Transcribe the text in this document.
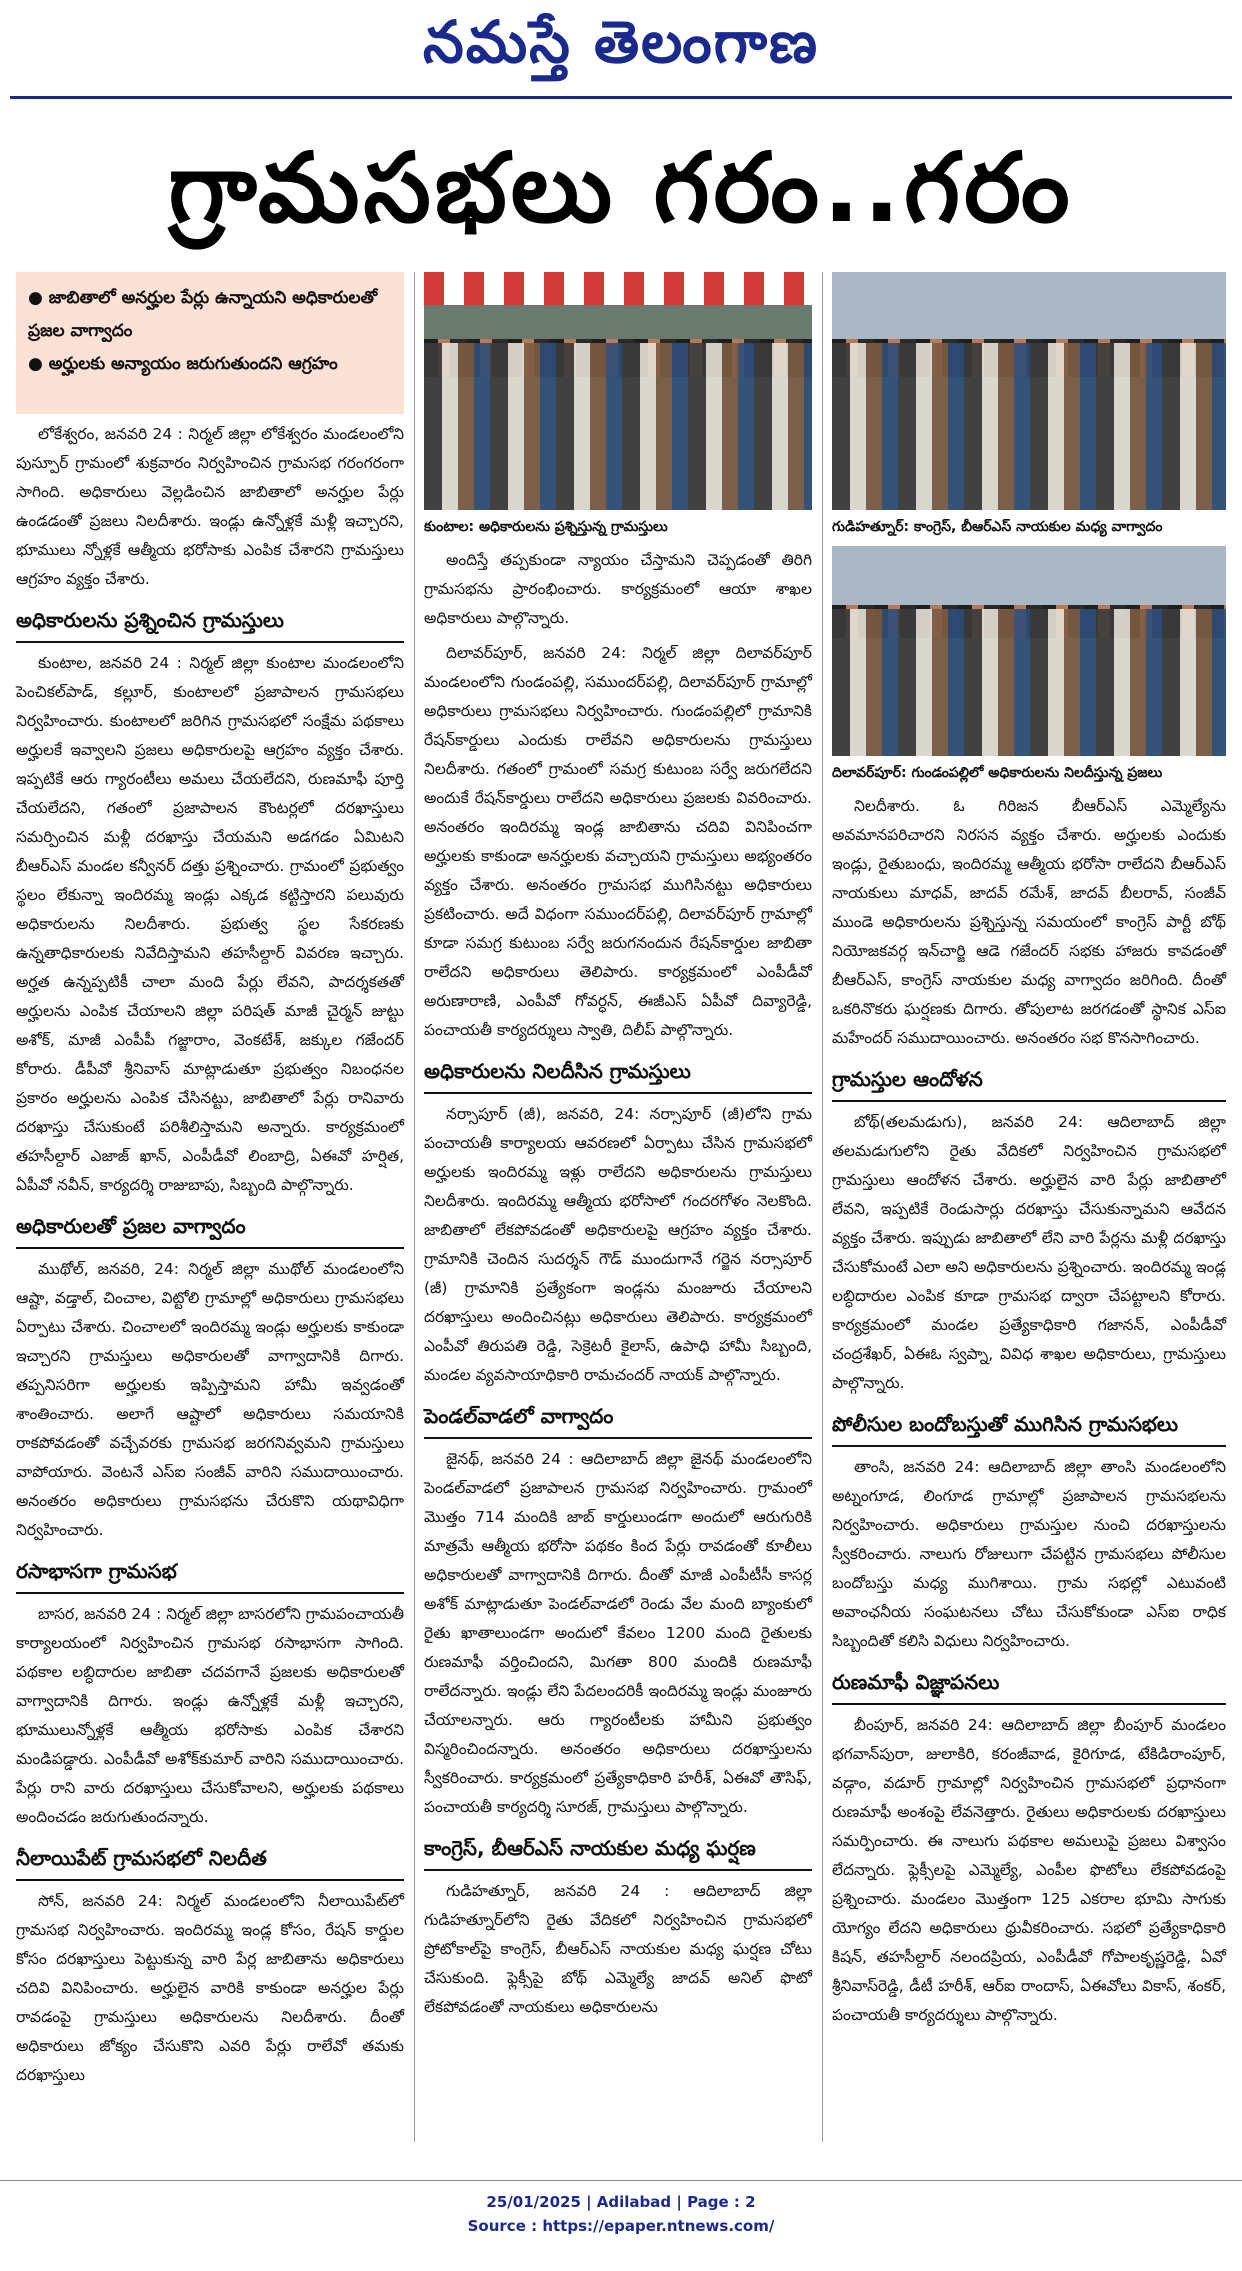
నమస్తే తెలంగాణ
గ్రామసభలు గరం..గరం
● జాబితాలో అనర్హుల పేర్లు ఉన్నాయని అధికారులతో ప్రజల వాగ్వాదం
● అర్హులకు అన్యాయం జరుగుతుందని ఆగ్రహం

లోకేశ్వరం, జనవరి 24 : నిర్మల్ జిల్లా లోకేశ్వరం మండలంలోని పుస్పూర్ గ్రామంలో శుక్రవారం నిర్వహించిన గ్రామసభ గరంగరంగా సాగింది. అధికారులు వెల్లడించిన జాబితాలో అనర్హుల పేర్లు ఉండడంతో ప్రజలు నిలదీశారు. ఇండ్లు ఉన్నోళ్లకే మళ్లీ ఇచ్చారని, భూములు న్నోళ్లకే ఆత్మీయ భరోసాకు ఎంపిక చేశారని గ్రామస్తులు ఆగ్రహం వ్యక్తం చేశారు.

అధికారులను ప్రశ్నించిన గ్రామస్తులు

కుంటాల, జనవరి 24 : నిర్మల్ జిల్లా కుంటాల మండలంలోని పెంచికల్‌పాడ్, కల్లూర్, కుంటాలలో ప్రజాపాలన గ్రామసభలు నిర్వహించారు. కుంటాలలో జరిగిన గ్రామసభలో సంక్షేమ పథకాలు అర్హులకే ఇవ్వాలని ప్రజలు అధికారులపై ఆగ్రహం వ్యక్తం చేశారు. ఇప్పటికే ఆరు గ్యారంటీలు అమలు చేయలేదని, రుణమాఫీ పూర్తి చేయలేదని, గతంలో ప్రజాపాలన కౌంటర్లలో దరఖాస్తులు సమర్పించిన మళ్లీ దరఖాస్తు చేయమని అడగడం ఏమిటని బీఆర్‌ఎస్ మండల కన్వీనర్ దత్తు ప్రశ్నించారు. గ్రామంలో ప్రభుత్వం స్థలం లేకున్నా ఇందిరమ్మ ఇండ్లు ఎక్కడ కట్టిస్తారని పలువురు అధికారులను నిలదీశారు. ప్రభుత్వ స్థల సేకరణకు ఉన్నతాధికారులకు నివేదిస్తామని తహసీల్దార్ వివరణ ఇచ్చారు. అర్హత ఉన్నప్పటికీ చాలా మంది పేర్లు లేవని, పాదర్శకతతో అర్హులను ఎంపిక చేయాలని జిల్లా పరిషత్ మాజీ చైర్మన్ జుట్టు అశోక్, మాజీ ఎంపీపీ గజ్జారాం, వెంకటేశ్, జక్కుల గజేందర్ కోరారు. డీపీవో శ్రీనివాస్ మాట్లాడుతూ ప్రభుత్వం నిబంధనల ప్రకారం అర్హులను ఎంపిక చేసినట్టు, జాబితాలో పేర్లు రానివారు దరఖాస్తు చేసుకుంటే పరిశీలిస్తామని అన్నారు. కార్యక్రమంలో తహసీల్దార్ ఎజాజ్ ఖాన్, ఎంపీడీవో లింబాద్రి, ఏఈవో హర్షిత, ఏపీవో నవీన్, కార్యదర్శి రాజుబాపు, సిబ్బంది పాల్గొన్నారు.

అధికారులతో ప్రజల వాగ్వాదం

ముథోల్, జనవరి, 24: నిర్మల్ జిల్లా ముథోల్ మండలంలోని ఆష్టా, వడ్తాల్, చించాల, విట్టోలి గ్రామాల్లో అధికారులు గ్రామసభలు ఏర్పాటు చేశారు. చించాలలో ఇందిరమ్మ ఇండ్లు అర్హులకు కాకుండా ఇచ్చారని గ్రామస్తులు అధికారులతో వాగ్వాదానికి దిగారు. తప్పనిసరిగా అర్హులకు ఇప్పిస్తామని హామీ ఇవ్వడంతో శాంతించారు. అలాగే ఆష్టాలో అధికారులు సమయానికి రాకపోవడంతో వచ్చేవరకు గ్రామసభ జరగనివ్వమని గ్రామస్తులు వాపోయారు. వెంటనే ఎస్ఐ సంజీవ్ వారిని సముదాయించారు. అనంతరం అధికారులు గ్రామసభను చేరుకొని యథావిధిగా నిర్వహించారు.

రసాభాసగా గ్రామసభ

బాసర, జనవరి 24 : నిర్మల్ జిల్లా బాసరలోని గ్రామపంచాయతీ కార్యాలయంలో నిర్వహించిన గ్రామసభ రసాభాసగా సాగింది. పథకాల లబ్ధిదారుల జాబితా చదవగానే ప్రజలకు అధికారులతో వాగ్వాదానికి దిగారు. ఇండ్లు ఉన్నోళ్లకే మళ్లీ ఇచ్చారని, భూములున్నోళ్లకే ఆత్మీయ భరోసాకు ఎంపిక చేశారని మండిపడ్డారు. ఎంపీడీవో అశోక్‌కుమార్ వారిని సముదాయించారు. పేర్లు రాని వారు దరఖాస్తులు చేసుకోవాలని, అర్హులకు పథకాలు అందించడం జరుగుతుందన్నారు.

నీలాయిపేట్ గ్రామసభలో నిలదీత

సోన్, జనవరి 24: నిర్మల్ మండలంలోని నీలాయిపేట్‌లో గ్రామసభ నిర్వహించారు. ఇందిరమ్మ ఇండ్ల కోసం, రేషన్ కార్డుల కోసం దరఖాస్తులు పెట్టుకున్న వారి పేర్ల జాబితాను అధికారులు చదివి వినిపించారు. అర్హులైన వారికి కాకుండా అనర్హుల పేర్లు రావడంపై గ్రామస్తులు అధికారులను నిలదీశారు. దీంతో అధికారులు జోక్యం చేసుకొని ఎవరి పేర్లు రాలేవో తమకు దరఖాస్తులు

కుంటాల: అధికారులను ప్రశ్నిస్తున్న గ్రామస్తులు

అందిస్తే తప్పకుండా న్యాయం చేస్తామని చెప్పడంతో తిరిగి గ్రామసభను ప్రారంభించారు. కార్యక్రమంలో ఆయా శాఖల అధికారులు పాల్గొన్నారు.

దిలావర్‌పూర్, జనవరి 24: నిర్మల్ జిల్లా దిలావర్‌పూర్ మండలంలోని గుండంపల్లి, సముందర్‌పల్లి, దిలావర్‌పూర్ గ్రామాల్లో అధికారులు గ్రామసభలు నిర్వహించారు. గుండంపల్లిలో గ్రామానికి రేషన్‌కార్డులు ఎందుకు రాలేవని అధికారులను గ్రామస్తులు నిలదీశారు. గతంలో గ్రామంలో సమగ్ర కుటుంబ సర్వే జరుగలేదని అందుకే రేషన్‌కార్డులు రాలేదని అధికారులు ప్రజలకు వివరించారు. అనంతరం ఇందిరమ్మ ఇండ్ల జాబితాను చదివి వినిపించగా అర్హులకు కాకుండా అనర్హులకు వచ్చాయని గ్రామస్తులు అభ్యంతరం వ్యక్తం చేశారు. అనంతరం గ్రామసభ ముగిసినట్టు అధికారులు ప్రకటించారు. అదే విధంగా సముందర్‌పల్లి, దిలావర్‌పూర్ గ్రామాల్లో కూడా సమగ్ర కుటుంబ సర్వే జరుగనందున రేషన్‌కార్డుల జాబితా రాలేదని అధికారులు తెలిపారు. కార్యక్రమంలో ఎంపీడీవో అరుణారాణి, ఎంపీవో గోవర్ధన్, ఈజీఎస్ ఏపీవో దివ్యారెడ్డి, పంచాయతీ కార్యదర్శులు స్వాతి, దిలీప్ పాల్గొన్నారు.

అధికారులను నిలదీసిన గ్రామస్తులు

నర్సాపూర్ (జీ), జనవరి, 24: నర్సాపూర్ (జీ)లోని గ్రామ పంచాయతీ కార్యాలయ ఆవరణలో ఏర్పాటు చేసిన గ్రామసభలో అర్హులకు ఇందిరమ్మ ఇళ్లు రాలేదని అధికారులను గ్రామస్తులు నిలదీశారు. ఇందిరమ్మ ఆత్మీయ భరోసాలో గందరగోళం నెలకొంది. జాబితాలో లేకపోవడంతో అధికారులపై ఆగ్రహం వ్యక్తం చేశారు. గ్రామానికి చెందిన సుదర్శన్ గౌడ్ ముందుగానే గర్జెన నర్సాపూర్ (జీ) గ్రామానికి ప్రత్యేకంగా ఇండ్లను మంజూరు చేయాలని దరఖాస్తులు అందించినట్లు అధికారులు తెలిపారు. కార్యక్రమంలో ఎంపీవో తిరుపతి రెడ్డి, సెక్రెటరీ కైలాస్, ఉపాధి హామీ సిబ్బంది, మండల వ్యవసాయాధికారి రామచందర్ నాయక్ పాల్గొన్నారు.

పెండల్‌వాడలో వాగ్వాదం

జైనథ్, జనవరి 24 : ఆదిలాబాద్ జిల్లా జైనథ్ మండలంలోని పెండల్‌వాడలో ప్రజాపాలన గ్రామసభ నిర్వహించారు. గ్రామంలో మొత్తం 714 మందికి జాబ్ కార్డులుండగా అందులో ఆరుగురికి మాత్రమే ఆత్మీయ భరోసా పథకం కింద పేర్లు రావడంతో కూలీలు అధికారులతో వాగ్వాదానికి దిగారు. దీంతో మాజీ ఎంపీటీసీ కాసర్ల అశోక్ మాట్లాడుతూ పెండల్‌వాడలో రెండు వేల మంది బ్యాంకులో రైతు ఖాతాలుండగా అందులో కేవలం 1200 మంది రైతులకు రుణమాఫీ వర్తించిందని, మిగతా 800 మందికి రుణమాఫీ రాలేదన్నారు. ఇండ్లు లేని పేదలందరికీ ఇందిరమ్మ ఇండ్లు మంజూరు చేయాలన్నారు. ఆరు గ్యారంటీలకు హామీని ప్రభుత్వం విస్మరించిందన్నారు. అనంతరం అధికారులు దరఖాస్తులను స్వీకరించారు. కార్యక్రమంలో ప్రత్యేకాధికారి హరీశ్, ఏఈవో తౌసిఫ్, పంచాయతీ కార్యదర్శి సూరజ్, గ్రామస్తులు పాల్గొన్నారు.

కాంగ్రెస్, బీఆర్‌ఎస్ నాయకుల మధ్య ఘర్షణ

గుడిహత్నూర్, జనవరి 24 : ఆదిలాబాద్ జిల్లా గుడిహత్నూర్‌లోని రైతు వేదికలో నిర్వహించిన గ్రామసభలో ప్రోటోకాల్‌పై కాంగ్రెస్, బీఆర్‌ఎస్ నాయకుల మధ్య ఘర్షణ చోటు చేసుకుంది. ఫ్లెక్సీపై బోథ్ ఎమ్మెల్యే జాదవ్ అనిల్ ఫొటో లేకపోవడంతో నాయకులు అధికారులను

గుడిహత్నూర్: కాంగ్రెస్, బీఆర్‌ఎస్ నాయకుల మధ్య వాగ్వాదం
దిలావర్‌పూర్: గుండంపల్లిలో అధికారులను నిలదీస్తున్న ప్రజలు

నిలదీశారు. ఓ గిరిజన బీఆర్‌ఎస్ ఎమ్మెల్యేను అవమానపరిచారని నిరసన వ్యక్తం చేశారు. అర్హులకు ఎందుకు ఇండ్లు, రైతుబంధు, ఇందిరమ్మ ఆత్మీయ భరోసా రాలేదని బీఆర్‌ఎస్ నాయకులు మాధవ్, జాదవ్ రమేశ్, జాదవ్ బీలరావ్, సంజీవ్ ముండె అధికారులను ప్రశ్నిస్తున్న సమయంలో కాంగ్రెస్ పార్టీ బోథ్ నియోజకవర్గ ఇన్‌చార్జి ఆడె గజేందర్ సభకు హాజరు కావడంతో బీఆర్‌ఎస్, కాంగ్రెస్ నాయకుల మధ్య వాగ్వాదం జరిగింది. దీంతో ఒకరినొకరు ఘర్షణకు దిగారు. తోపులాట జరగడంతో స్థానిక ఎస్ఐ మహేందర్ సముదాయించారు. అనంతరం సభ కొనసాగించారు.

గ్రామస్తుల ఆందోళన

బోథ్(తలమడుగు), జనవరి 24: ఆదిలాబాద్ జిల్లా తలమడుగులోని రైతు వేదికలో నిర్వహించిన గ్రామసభలో గ్రామస్తులు ఆందోళన చేశారు. అర్హులైన వారి పేర్లు జాబితాలో లేవని, ఇప్పటికే రెండుసార్లు దరఖాస్తు చేసుకున్నామని ఆవేదన వ్యక్తం చేశారు. ఇప్పుడు జాబితాలో లేని వారి పేర్లను మళ్లీ దరఖాస్తు చేసుకోమంటే ఎలా అని అధికారులను ప్రశ్నించారు. ఇందిరమ్మ ఇండ్ల లబ్ధిదారుల ఎంపిక కూడా గ్రామసభ ద్వారా చేపట్టాలని కోరారు. కార్యక్రమంలో మండల ప్రత్యేకాధికారి గజానన్, ఎంపీడీవో చంద్రశేఖర్, ఏఈఓ స్వప్నా, వివిధ శాఖల అధికారులు, గ్రామస్తులు పాల్గొన్నారు.

పోలీసుల బందోబస్తుతో ముగిసిన గ్రామసభలు

తాంసి, జనవరి 24: ఆదిలాబాద్ జిల్లా తాంసి మండలంలోని అట్నంగూడ, లింగూడ గ్రామాల్లో ప్రజాపాలన గ్రామసభలను నిర్వహించారు. అధికారులు గ్రామస్తుల నుంచి దరఖాస్తులను స్వీకరించారు. నాలుగు రోజులుగా చేపట్టిన గ్రామసభలు పోలీసుల బందోబస్తు మధ్య ముగిశాయి. గ్రామ సభల్లో ఎటువంటి అవాంఛనీయ సంఘటనలు చోటు చేసుకోకుండా ఎస్ఐ రాధిక సిబ్బందితో కలిసి విధులు నిర్వహించారు.

రుణమాఫీ విజ్ఞాపనలు

బీంపూర్, జనవరి 24: ఆదిలాబాద్ జిల్లా బీంపూర్ మండలం భగవాన్‌పురా, జులాకిరి, కరంజీవాడ, కైరిగూడ, టేకిడిరాంపూర్, వడ్గాం, వడూర్ గ్రామాల్లో నిర్వహించిన గ్రామసభలో ప్రధానంగా రుణమాఫీ అంశంపై లేవనెత్తారు. రైతులు అధికారులకు దరఖాస్తులు సమర్పించారు. ఈ నాలుగు పథకాల అమలుపై ప్రజలు విశ్వాసం లేదన్నారు. ఫ్లెక్సీలపై ఎమ్మెల్యే, ఎంపీల ఫొటోలు లేకపోవడంపై ప్రశ్నించారు. మండలం మొత్తంగా 125 ఎకరాల భూమి సాగుకు యోగ్యం లేదని అధికారులు ధ్రువీకరించారు. సభలో ప్రత్యేకాధికారి కిషన్, తహసీల్దార్ నలందప్రియ, ఎంపీడీవో గోపాలకృష్ణరెడ్డి, ఏవో శ్రీనివాస్‌రెడ్డి, డీటీ హరీశ్, ఆర్ఐ రాందాస్, ఏఈవోలు వికాస్, శంకర్, పంచాయతీ కార్యదర్శులు పాల్గొన్నారు.

25/01/2025 | Adilabad | Page : 2
Source : https://epaper.ntnews.com/
